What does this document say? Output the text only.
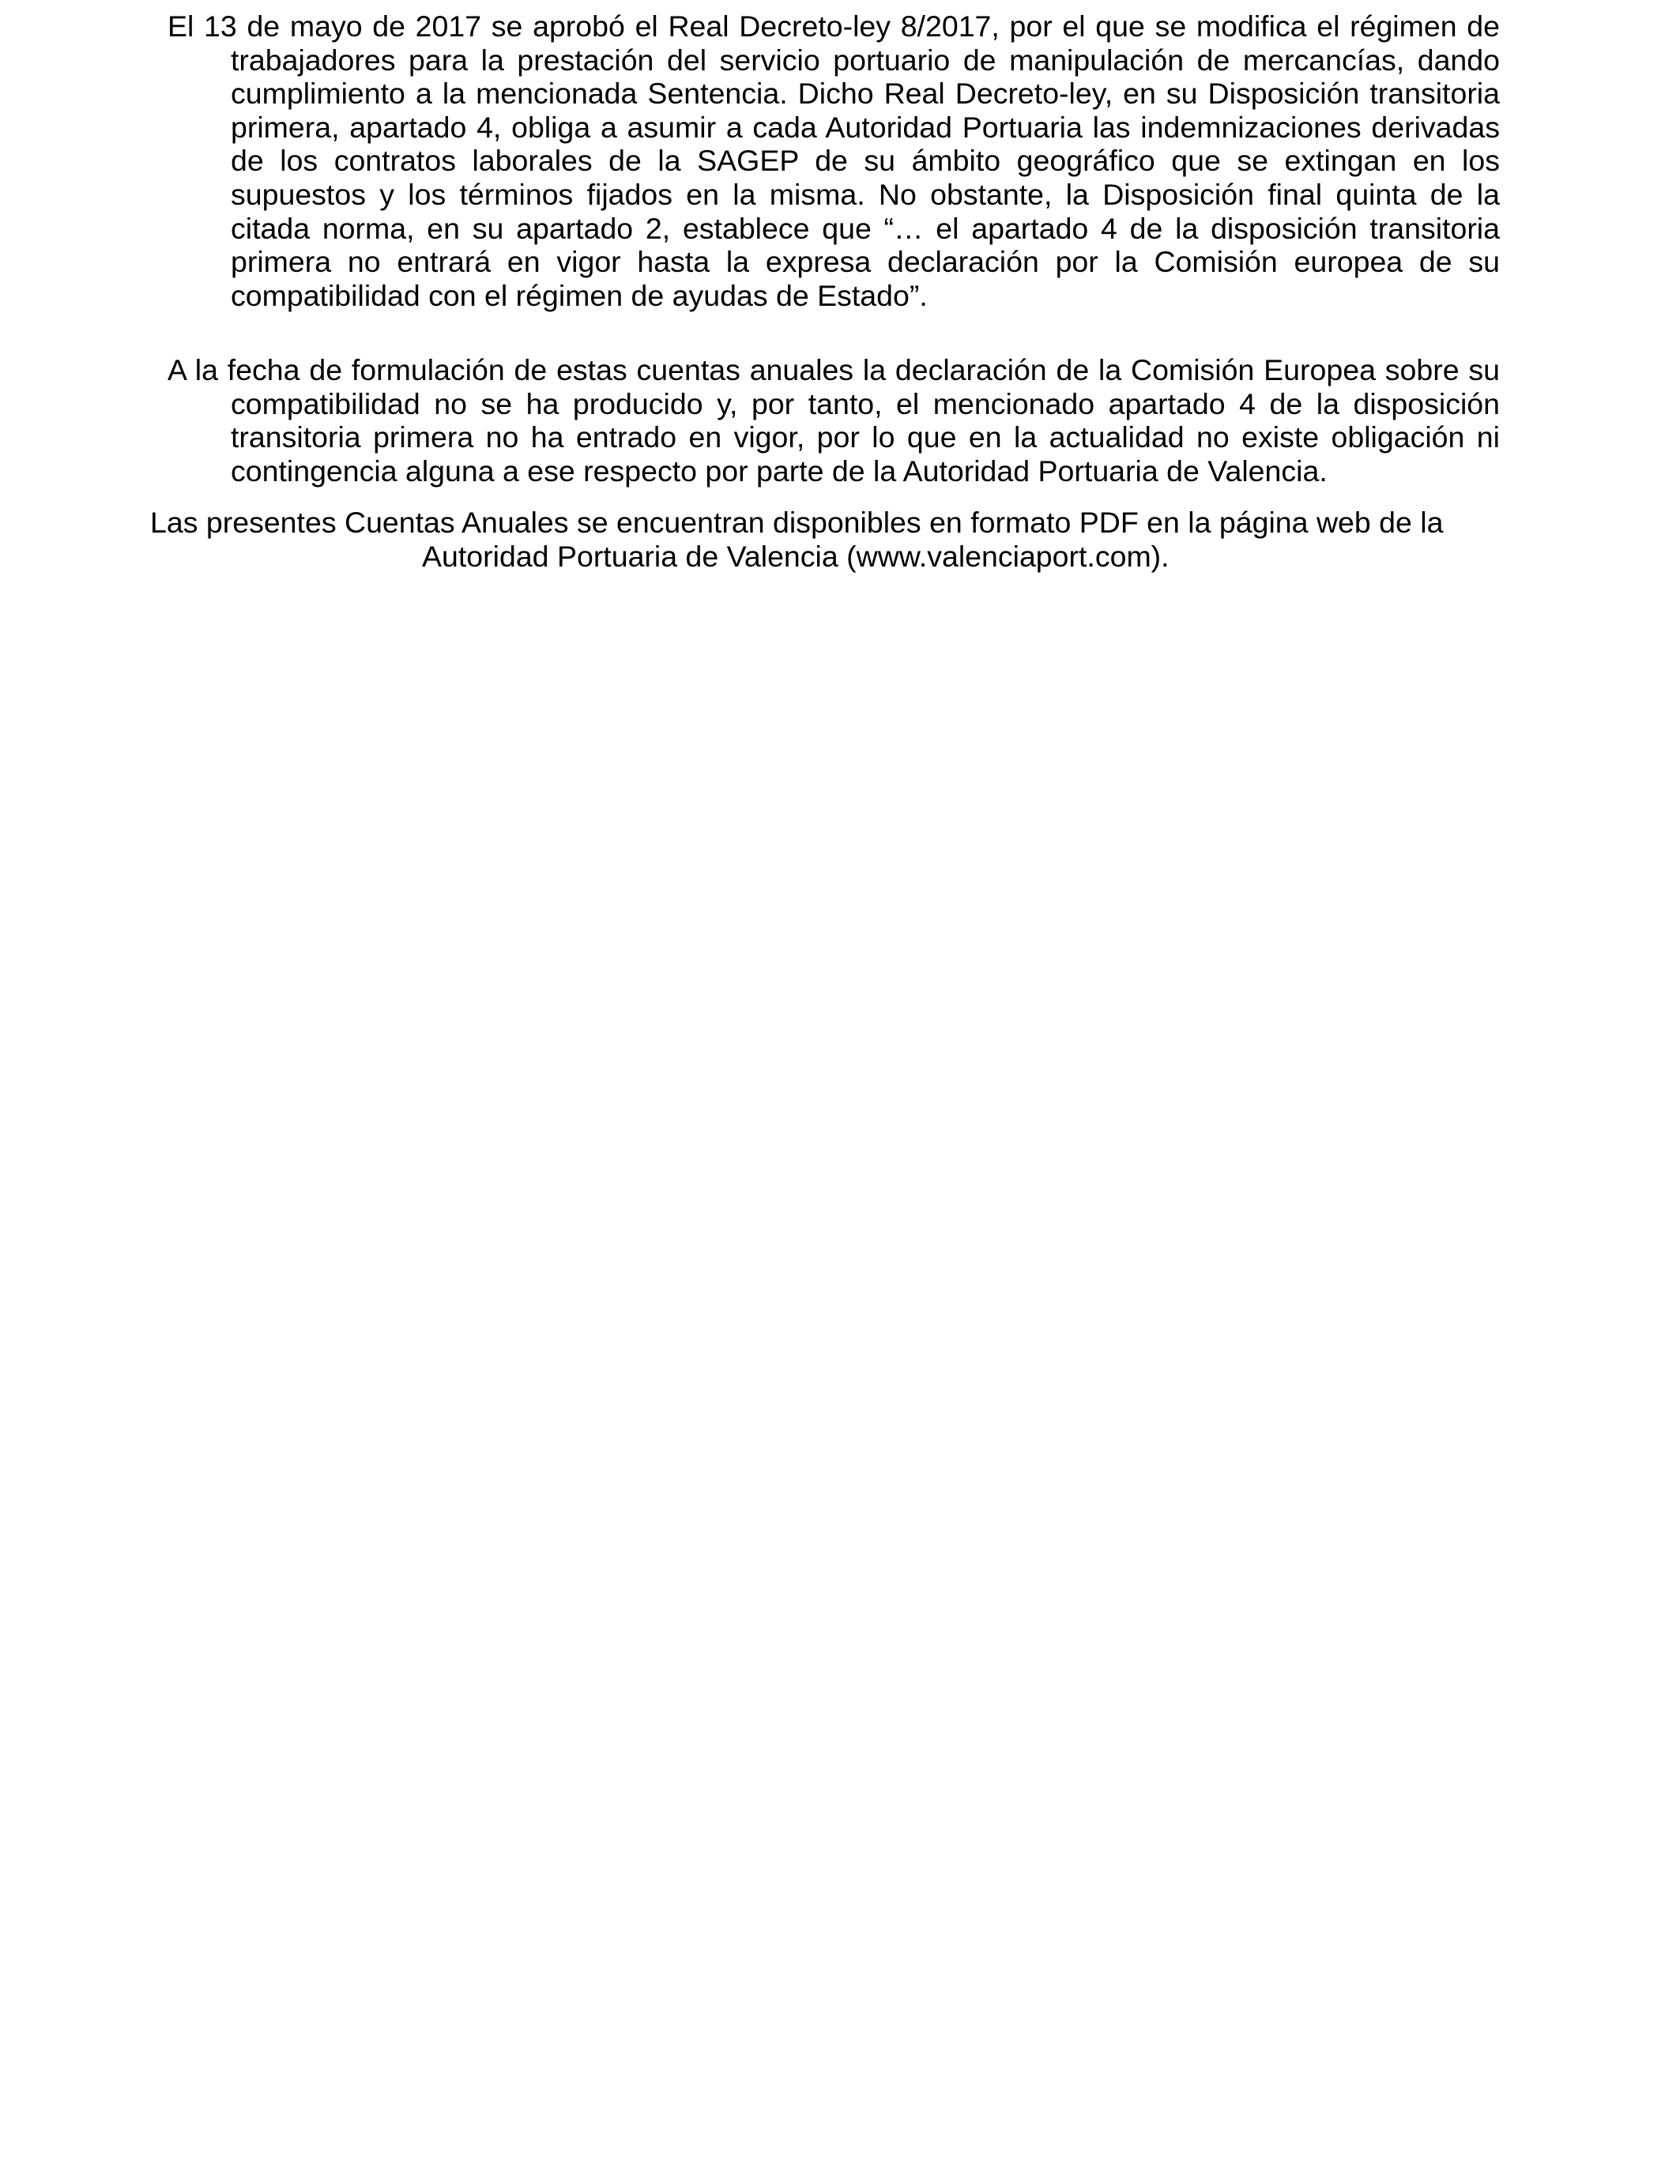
El 13 de mayo de 2017 se aprobó el Real Decreto-ley 8/2017, por el que se modifica el régimen de trabajadores para la prestación del servicio portuario de manipulación de mercancías, dando cumplimiento a la mencionada Sentencia. Dicho Real Decreto-ley, en su Disposición transitoria primera, apartado 4, obliga a asumir a cada Autoridad Portuaria las indemnizaciones derivadas de los contratos laborales de la SAGEP de su ámbito geográfico que se extingan en los supuestos y los términos fijados en la misma. No obstante, la Disposición final quinta de la citada norma, en su apartado 2, establece que “… el apartado 4 de la disposición transitoria primera no entrará en vigor hasta la expresa declaración por la Comisión europea de su compatibilidad con el régimen de ayudas de Estado”.

A la fecha de formulación de estas cuentas anuales la declaración de la Comisión Europea sobre su compatibilidad no se ha producido y, por tanto, el mencionado apartado 4 de la disposición transitoria primera no ha entrado en vigor, por lo que en la actualidad no existe obligación ni contingencia alguna a ese respecto por parte de la Autoridad Portuaria de Valencia.

Las presentes Cuentas Anuales se encuentran disponibles en formato PDF en la página web de la
Autoridad Portuaria de Valencia (www.valenciaport.com).
